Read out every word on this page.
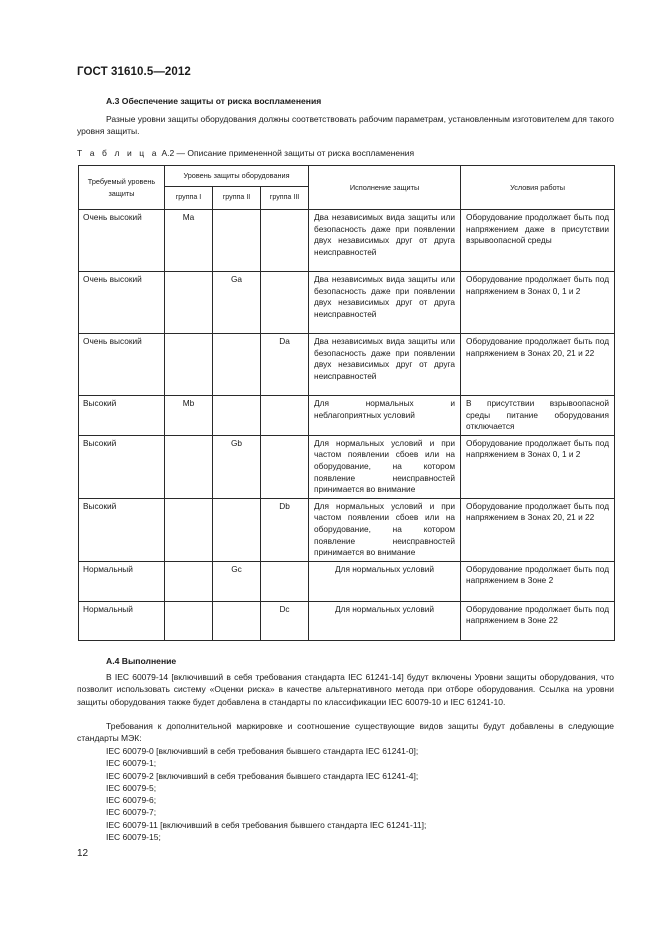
ГОСТ 31610.5—2012
А.3 Обеспечение защиты от риска воспламенения
Разные уровни защиты оборудования должны соответствовать рабочим параметрам, установленным изготовителем для такого уровня защиты.
Т а б л и ц а А.2 — Описание примененной защиты от риска воспламенения
Требуемый уровень защиты	Уровень защиты оборудования			Исполнение защиты	Условия работы
	группа I	группа II	группа III		
Очень высокий	Ma			Два независимых вида защиты или безопасность даже при появлении двух независимых друг от друга неисправностей	Оборудование продолжает быть под напряжением даже в присутствии взрывоопасной среды

Очень высокий		Ga		Два независимых вида защиты или безопасность даже при появлении двух независимых друг от друга неисправностей	Оборудование продолжает быть под напряжением в Зонах 0, 1 и 2

Очень высокий			Da	Два независимых вида защиты или безопасность даже при появлении двух независимых друг от друга неисправностей	Оборудование продолжает быть под напряжением в Зонах 20, 21 и 22

Высокий	Mb			Для нормальных и неблагоприятных условий	В присутствии взрывоопасной среды питание оборудования отключается

Высокий		Gb		Для нормальных условий и при частом появлении сбоев или на оборудование, на котором появление неисправностей принимается во внимание	Оборудование продолжает быть под напряжением в Зонах 0, 1 и 2

Высокий			Db	Для нормальных условий и при частом появлении сбоев или на оборудование, на котором появление неисправностей принимается во внимание	Оборудование продолжает быть под напряжением в Зонах 20, 21 и 22

Нормальный		Gc		Для нормальных условий	Оборудование продолжает быть под напряжением в Зоне 2

Нормальный			Dc	Для нормальных условий	Оборудование продолжает быть под напряжением в Зоне 22
А.4 Выполнение
В IEC 60079-14 [включивший в себя требования стандарта IEC 61241-14] будут включены Уровни защиты оборудования, что позволит использовать систему «Оценки риска» в качестве альтернативного метода при отборе оборудования. Ссылка на уровни защиты оборудования также будет добавлена в стандарты по классификации IEC 60079-10 и IEC 61241-10.
Требования к дополнительной маркировке и соотношение существующие видов защиты будут добавлены в следующие стандарты МЭК:
IEC 60079-0 [включивший в себя требования бывшего стандарта IEC 61241-0];
IEC 60079-1;
IEC 60079-2 [включивший в себя требования бывшего стандарта IEC 61241-4];
IEC 60079-5;
IEC 60079-6;
IEC 60079-7;
IEC 60079-11 [включивший в себя требования бывшего стандарта IEC 61241-11];
IEC 60079-15;
12
